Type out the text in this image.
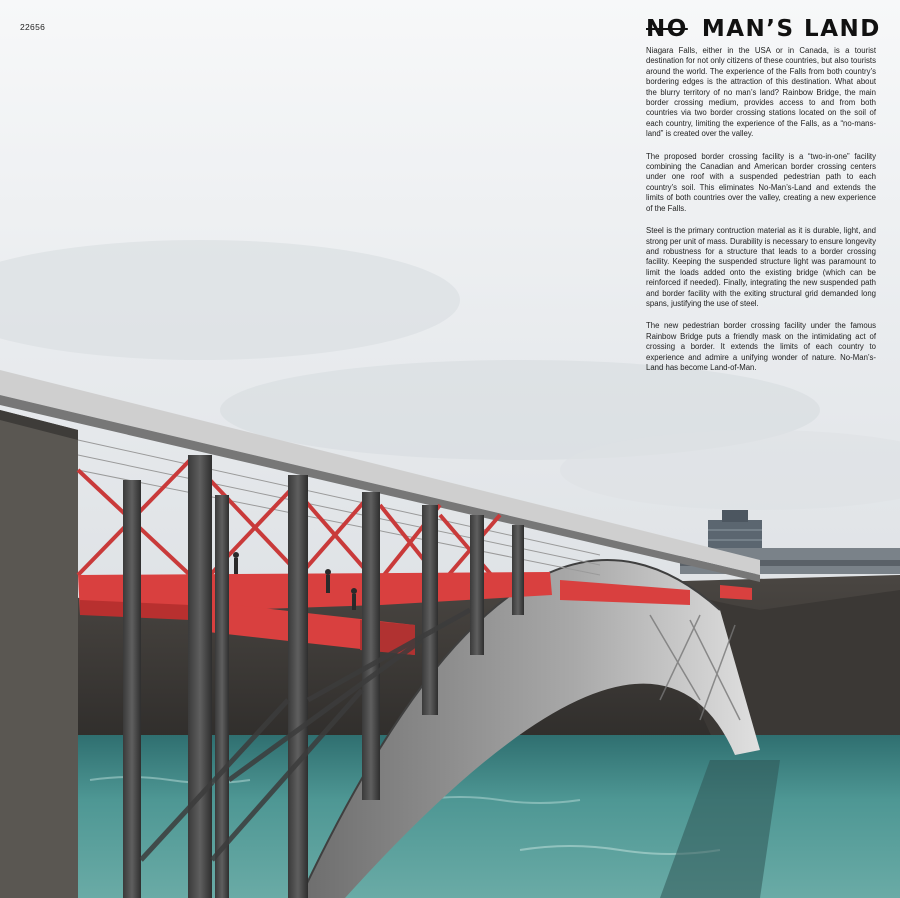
22656	NO MAN’S LAND

Niagara Falls, either in the USA or in Canada, is a tourist destination for not only citizens of these countries, but also tourists around the world. The experience of the Falls from both country’s bordering edges is the attraction of this destination. What about the blurry territory of no man’s land? Rainbow Bridge, the main border crossing medium, provides access to and from both countries via two border crossing stations located on the soil of each country, limiting the experience of the Falls, as a “no-mans-land” is created over the valley.

The proposed border crossing facility is a “two-in-one” facility combining the Canadian and American border crossing centers under one roof with a suspended pedestrian path to each country’s soil. This eliminates No-Man’s-Land and extends the limits of both countries over the valley, creating a new experience of the Falls.

Steel is the primary contruction material as it is durable, light, and strong per unit of mass. Durability is necessary to ensure longevity and robustness for a structure that leads to a border crossing facility. Keeping the suspended structure light was paramount to limit the loads added onto the existing bridge (which can be reinforced if needed). Finally, integrating the new suspended path and border facility with the exiting structural grid demanded long spans, justifying the use of steel.

The new pedestrian border crossing facility under the famous Rainbow Bridge puts a friendly mask on the intimidating act of crossing a border. It extends the limits of each country to experience and admire a unifying wonder of nature. No-Man’s-Land has become Land-of-Man.
